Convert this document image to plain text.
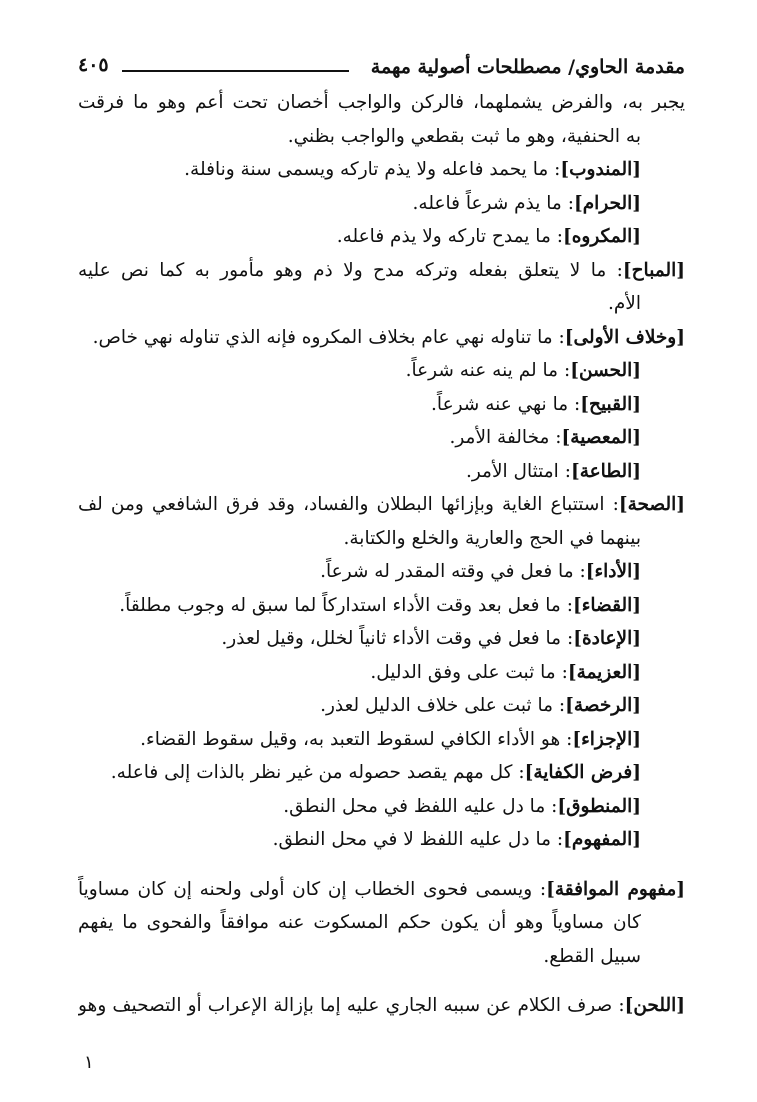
مقدمة الحاوي/ مصطلحات أصولية مهمة
٤٠٥

يجبر به، والفرض يشملهما، فالركن والواجب أخصان تحت أعم وهو ما فرقت

به الحنفية، وهو ما ثبت بقطعي والواجب بظني.

[المندوب]: ما يحمد فاعله ولا يذم تاركه ويسمى سنة ونافلة.

[الحرام]: ما يذم شرعاً فاعله.

[المكروه]: ما يمدح تاركه ولا يذم فاعله.

[المباح]: ما لا يتعلق بفعله وتركه مدح ولا ذم وهو مأمور به كما نص عليه

الأم.

[وخلاف الأولى]: ما تناوله نهي عام بخلاف المكروه فإنه الذي تناوله نهي خاص.

[الحسن]: ما لم ينه عنه شرعاً.

[القبيح]: ما نهي عنه شرعاً.

[المعصية]: مخالفة الأمر.

[الطاعة]: امتثال الأمر.

[الصحة]: استتباع الغاية وبإزائها البطلان والفساد، وقد فرق الشافعي ومن لف

بينهما في الحج والعارية والخلع والكتابة.

[الأداء]: ما فعل في وقته المقدر له شرعاً.

[القضاء]: ما فعل بعد وقت الأداء استداركاً لما سبق له وجوب مطلقاً.

[الإعادة]: ما فعل في وقت الأداء ثانياً لخلل، وقيل لعذر.

[العزيمة]: ما ثبت على وفق الدليل.

[الرخصة]: ما ثبت على خلاف الدليل لعذر.

[الإجزاء]: هو الأداء الكافي لسقوط التعبد به، وقيل سقوط القضاء.

[فرض الكفاية]: كل مهم يقصد حصوله من غير نظر بالذات إلى فاعله.

[المنطوق]: ما دل عليه اللفظ في محل النطق.

[المفهوم]: ما دل عليه اللفظ لا في محل النطق.

[مفهوم الموافقة]: ويسمى فحوى الخطاب إن كان أولى ولحنه إن كان مساوياً

كان مساوياً وهو أن يكون حكم المسكوت عنه موافقاً والفحوى ما يفهم

سبيل القطع.

[اللحن]: صرف الكلام عن سببه الجاري عليه إما بإزالة الإعراب أو التصحيف وهو

١
